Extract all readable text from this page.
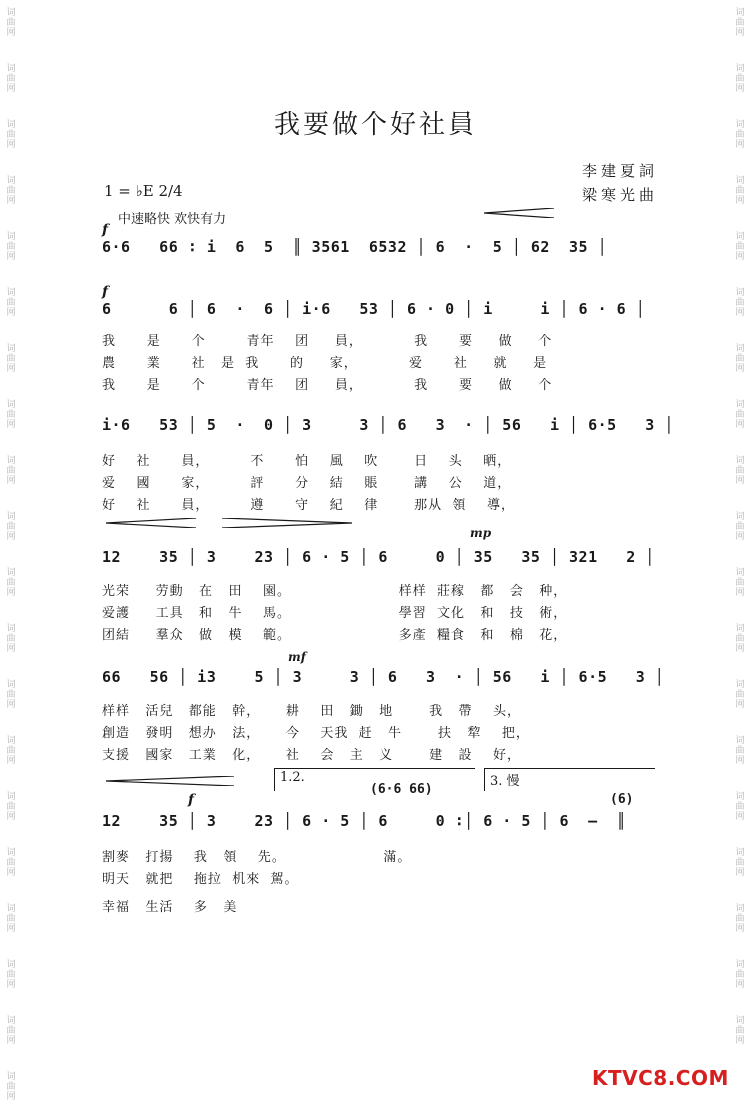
词
曲
网
词
曲
网
词
曲
网
词
曲
网
词
曲
网
词
曲
网
词
曲
网
词
曲
网
词
曲
网
词
曲
网
词
曲
网
词
曲
网
词
曲
网
词
曲
网
词
曲
网
词
曲
网
词
曲
网
词
曲
网
词
曲
网
词
曲
网
词
曲
网
词
曲
网
词
曲
网
词
曲
网
词
曲
网
词
曲
网
词
曲
网
词
曲
网
词
曲
网
词
曲
网
词
曲
网
词
曲
网
词
曲
网
词
曲
网
词
曲
网
词
曲
网
词
曲
网
词
曲
网
词
曲
网
我要做个好社員
李建夏詞
梁寒光曲
1 = ♭E 2/4
中速略快 欢快有力
f
6·6   66 ∶ i  6  5  ║ 3561  6532 │ 6  ·  5 │ 62  35 │
f
6      6 │ 6  ·  6 │ i·6   53 │ 6 · 0 │ i     i │ 6 · 6 │
我      是      个        青年    团     員，          我      要     做     个
農      業      社   是  我      的     家，          爱      社     就     是
我      是      个        青年    团     員，          我      要     做     个
i·6   53 │ 5  ·  0 │ 3     3 │ 6   3  · │ 56   i │ 6·5   3 │
好    社      員，        不      怕    風    吹       日    头    晒，
爱    國      家，        評      分    結    賬       講    公    道，
好    社      員，        遵      守    紀    律       那从  領    導，
mp
12    35 │ 3    23 │ 6 · 5 │ 6     0 │ 35   35 │ 321   2 │
光荣     劳動   在   田    園。                     样样  莊稼   都   会   种，
爱護     工具   和   牛    馬。                     學習  文化   和   技   術，
团結     羣众   做   模    範。                     多產  糧食   和   棉   花，
mf
66   56 │ i3    5 │ 3     3 │ 6   3  · │ 56   i │ 6·5   3 │
样样   活兒   都能   幹，     耕    田   鋤   地       我   帶    头，
創造   發明   想办   法，     今    天我  赶   牛       扶   犂    把，
支援   國家   工業   化，     社    会   主   义       建   設    好，
1.2.
(6·6 66)
3. 慢
(6)
f
12    35 │ 3    23 │ 6 · 5 │ 6     0 ∶│ 6 · 5 │ 6  —  ║
割麥   打揚    我   領    先。                   滿。
明天   就把    拖拉  机來  駕。
幸福   生活    多   美
KTVC8.COM
